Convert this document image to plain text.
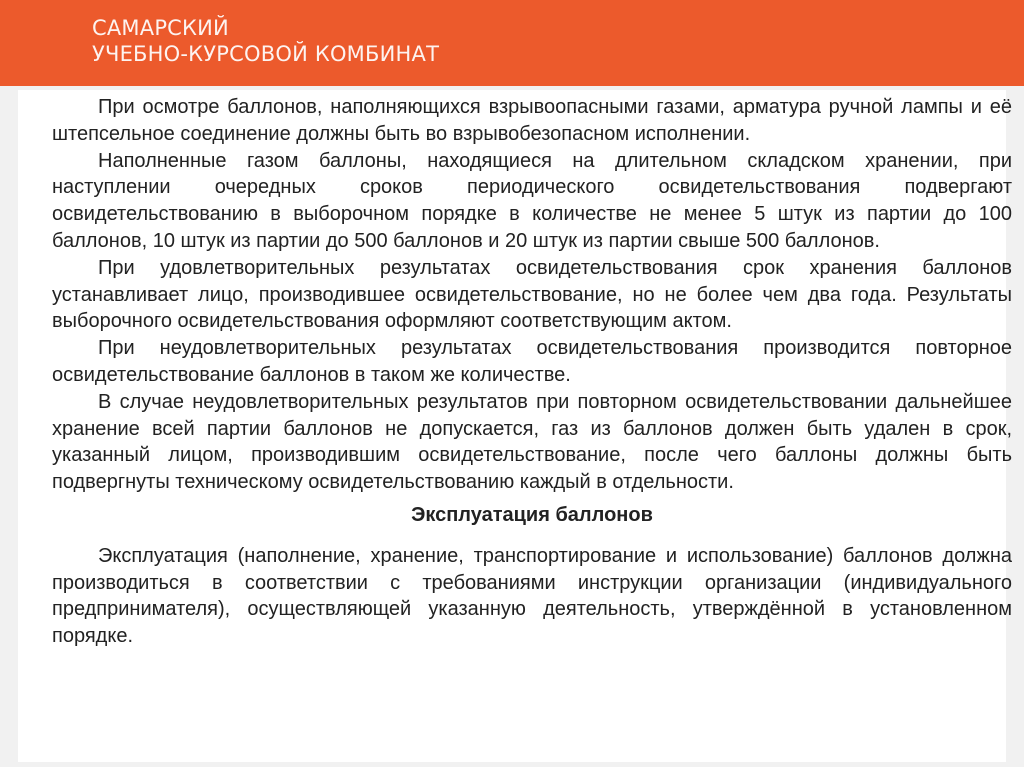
САМАРСКИЙ
УЧЕБНО-КУРСОВОЙ КОМБИНАТ

При осмотре баллонов, наполняющихся взрывоопасными газами, арматура ручной лампы и её штепсельное соединение должны быть во взрывобезопасном исполнении.

Наполненные газом баллоны, находящиеся на длительном складском хранении, при наступлении очередных сроков периодического освидетельствования подвергают освидетельствованию в выборочном порядке в количестве не менее 5 штук из партии до 100 баллонов, 10 штук из партии до 500 баллонов и 20 штук из партии свыше 500 баллонов.

При удовлетворительных результатах освидетельствования срок хранения баллонов устанавливает лицо, производившее освидетельствование, но не более чем два года. Результаты выборочного освидетельствования оформляют соответствующим актом.

При неудовлетворительных результатах освидетельствования производится повторное освидетельствование баллонов в таком же количестве.

В случае неудовлетворительных результатов при повторном освидетельствовании дальнейшее хранение всей партии баллонов не допускается, газ из баллонов должен быть удален в срок, указанный лицом, производившим освидетельствование, после чего баллоны должны быть подвергнуты техническому освидетельствованию каждый в отдельности.

Эксплуатация баллонов

Эксплуатация (наполнение, хранение, транспортирование и использование) баллонов должна производиться в соответствии с требованиями инструкции организации (индивидуального предпринимателя), осуществляющей указанную деятельность, утверждённой в установленном порядке.
